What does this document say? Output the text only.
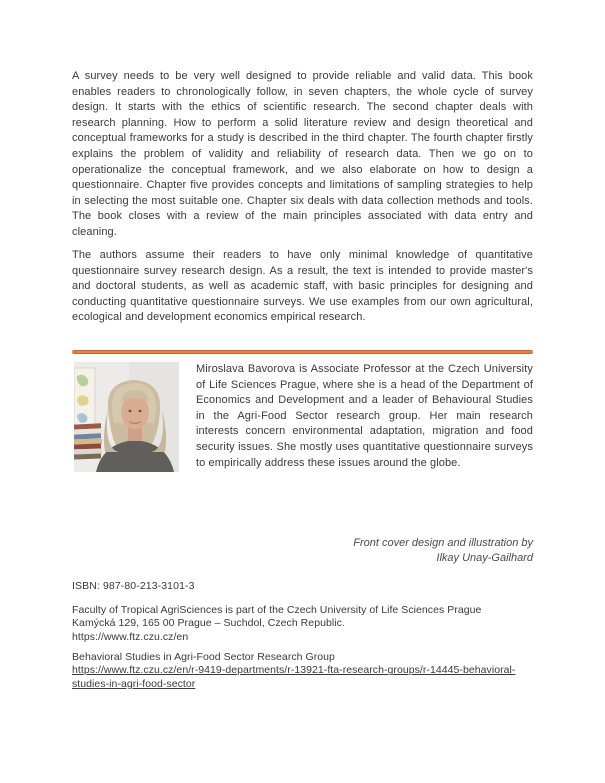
A survey needs to be very well designed to provide reliable and valid data. This book enables readers to chronologically follow, in seven chapters, the whole cycle of survey design. It starts with the ethics of scientific research. The second chapter deals with research planning. How to perform a solid literature review and design theoretical and conceptual frameworks for a study is described in the third chapter. The fourth chapter firstly explains the problem of validity and reliability of research data. Then we go on to operationalize the conceptual framework, and we also elaborate on how to design a questionnaire. Chapter five provides concepts and limitations of sampling strategies to help in selecting the most suitable one. Chapter six deals with data collection methods and tools. The book closes with a review of the main principles associated with data entry and cleaning.

The authors assume their readers to have only minimal knowledge of quantitative questionnaire survey research design. As a result, the text is intended to provide master's and doctoral students, as well as academic staff, with basic principles for designing and conducting quantitative questionnaire surveys. We use examples from our own agricultural, ecological and development economics empirical research.

Miroslava Bavorova is Associate Professor at the Czech University of Life Sciences Prague, where she is a head of the Department of Economics and Development and a leader of Behavioural Studies in the Agri-Food Sector research group. Her main research interests concern environmental adaptation, migration and food security issues. She mostly uses quantitative questionnaire surveys to empirically address these issues around the globe.

Front cover design and illustration by
Ilkay Unay-Gailhard
ISBN: 987-80-213-3101-3
Faculty of Tropical AgriSciences is part of the Czech University of Life Sciences Prague
Kamýcká 129, 165 00 Prague – Suchdol, Czech Republic.
https://www.ftz.czu.cz/en
Behavioral Studies in Agri-Food Sector Research Group
https://www.ftz.czu.cz/en/r-9419-departments/r-13921-fta-research-groups/r-14445-behavioral-studies-in-agri-food-sector
